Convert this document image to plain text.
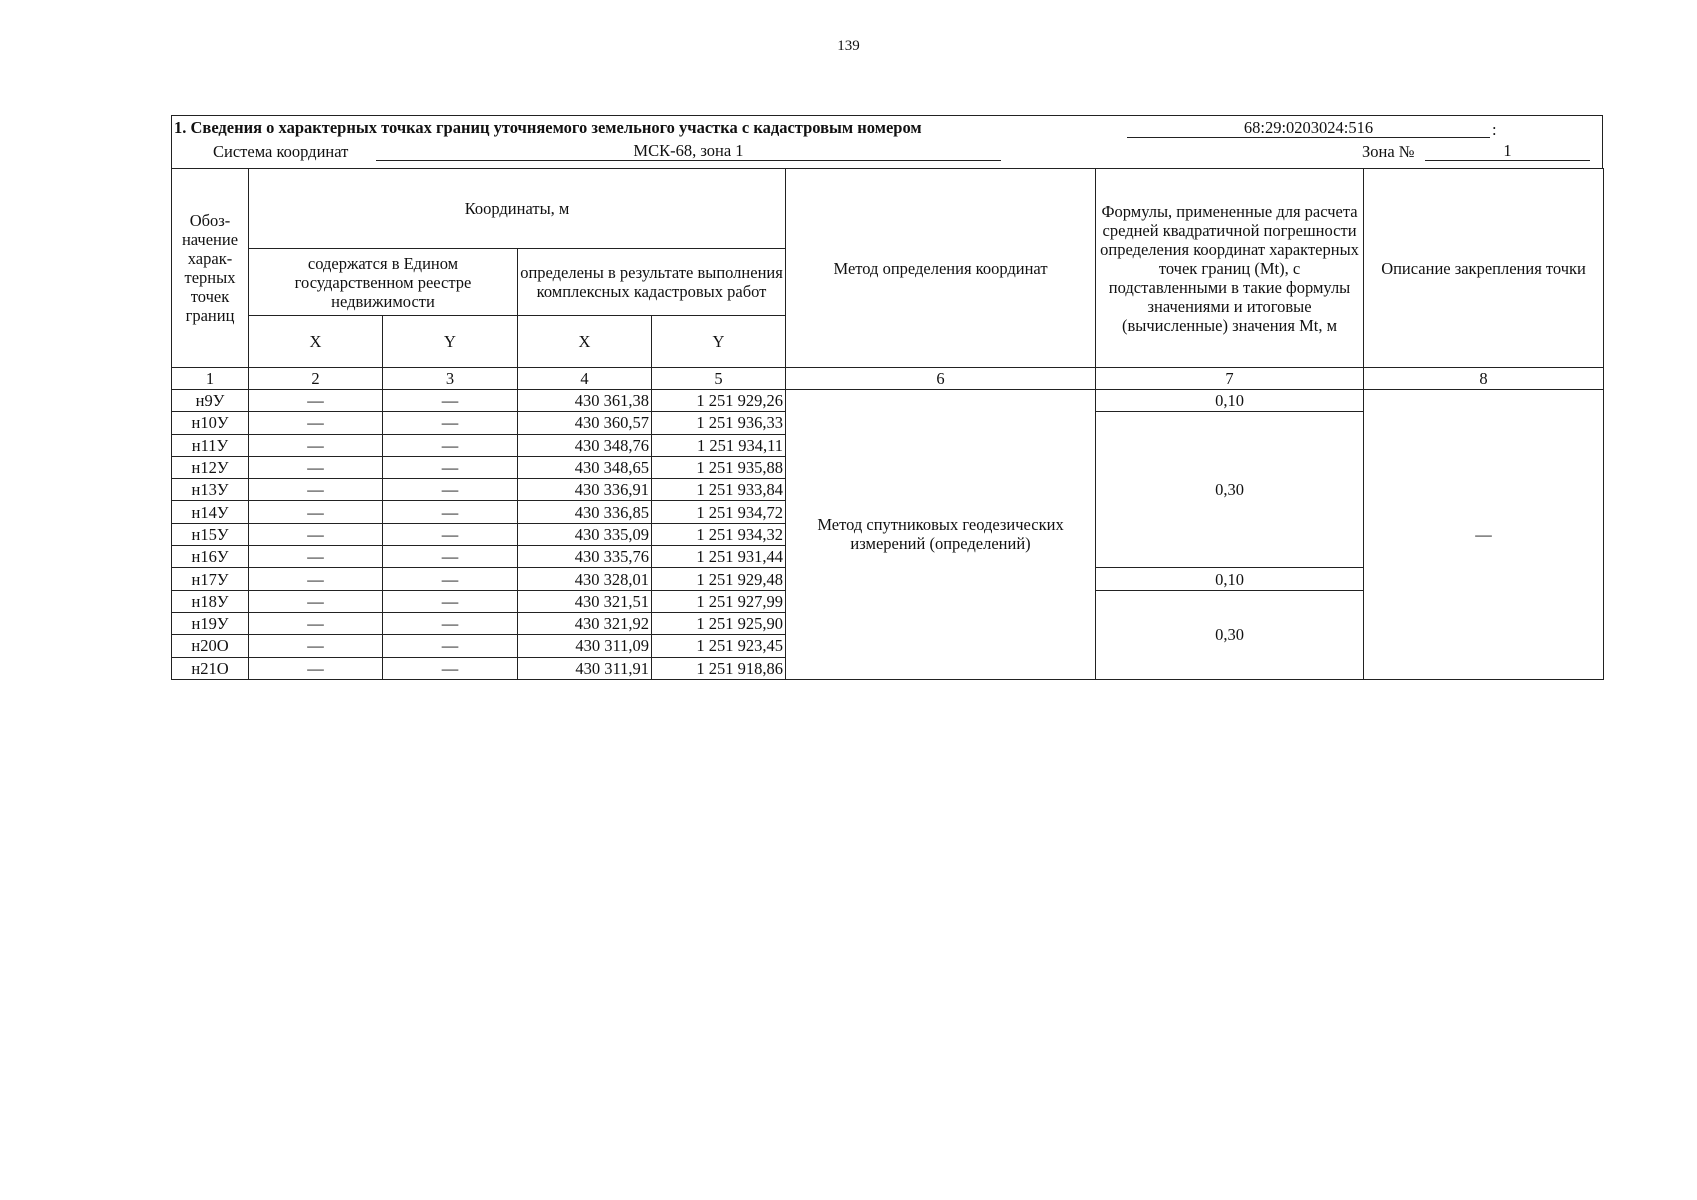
139
1. Сведения о характерных точках границ уточняемого земельного участка с кадастровым номером	68:29:0203024:516	:
Система координат	МСК-68, зона 1	Зона №	1
Обоз-начение харак-терных точек границ	Координаты, м				Метод определения координат	Формулы, примененные для расчета средней квадратичной погрешности определения координат характерных точек границ (Mt), с подставленными в такие формулы значениями и итоговые (вычисленные) значения Mt, м	Описание закрепления точки
	содержатся в Едином государственном реестре недвижимости		определены в результате выполнения комплексных кадастровых работ				
	X	Y	X	Y			
1	2	3	4	5	6	7	8
н9У	—	—	430 361,38	1 251 929,26	Метод спутниковых геодезических измерений (определений)	0,10	—
н10У	—	—	430 360,57	1 251 936,33		0,30	
н11У	—	—	430 348,76	1 251 934,11			
н12У	—	—	430 348,65	1 251 935,88			
н13У	—	—	430 336,91	1 251 933,84			
н14У	—	—	430 336,85	1 251 934,72			
н15У	—	—	430 335,09	1 251 934,32			
н16У	—	—	430 335,76	1 251 931,44			
н17У	—	—	430 328,01	1 251 929,48		0,10	
н18У	—	—	430 321,51	1 251 927,99		0,30	
н19У	—	—	430 321,92	1 251 925,90			
н20О	—	—	430 311,09	1 251 923,45			
н21О	—	—	430 311,91	1 251 918,86			
